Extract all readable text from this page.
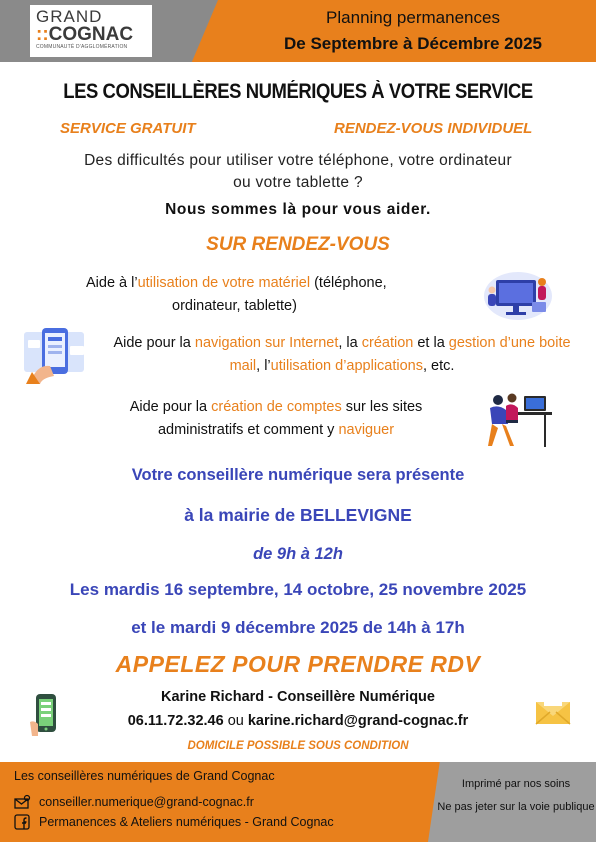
GRAND
::COGNAC
COMMUNAUTÉ D'AGGLOMÉRATION
Planning permanences
De Septembre à Décembre 2025
LES CONSEILLÈRES NUMÉRIQUES À VOTRE SERVICE
SERVICE GRATUIT	RENDEZ-VOUS INDIVIDUEL
Des difficultés pour utiliser votre téléphone, votre ordinateur
ou votre tablette ?
Nous sommes là pour vous aider.
SUR RENDEZ-VOUS
Aide à l’utilisation de votre matériel (téléphone,
ordinateur, tablette)
Aide pour la navigation sur Internet, la création et la gestion d’une boite mail, l’utilisation d’applications, etc.
Aide pour la création de comptes sur les sites administratifs et comment y naviguer
Votre conseillère numérique sera présente
à la mairie de BELLEVIGNE
de 9h à 12h
Les mardis 16 septembre, 14 octobre, 25 novembre 2025
et le mardi 9 décembre 2025 de 14h à 17h
APPELEZ POUR PRENDRE RDV
Karine Richard - Conseillère Numérique
06.11.72.32.46 ou karine.richard@grand-cognac.fr
DOMICILE POSSIBLE SOUS CONDITION
Les conseillères numériques de Grand Cognac
conseiller.numerique@grand-cognac.fr
Permanences & Ateliers numériques - Grand Cognac
Imprimé par nos soins
Ne pas jeter sur la voie publique
